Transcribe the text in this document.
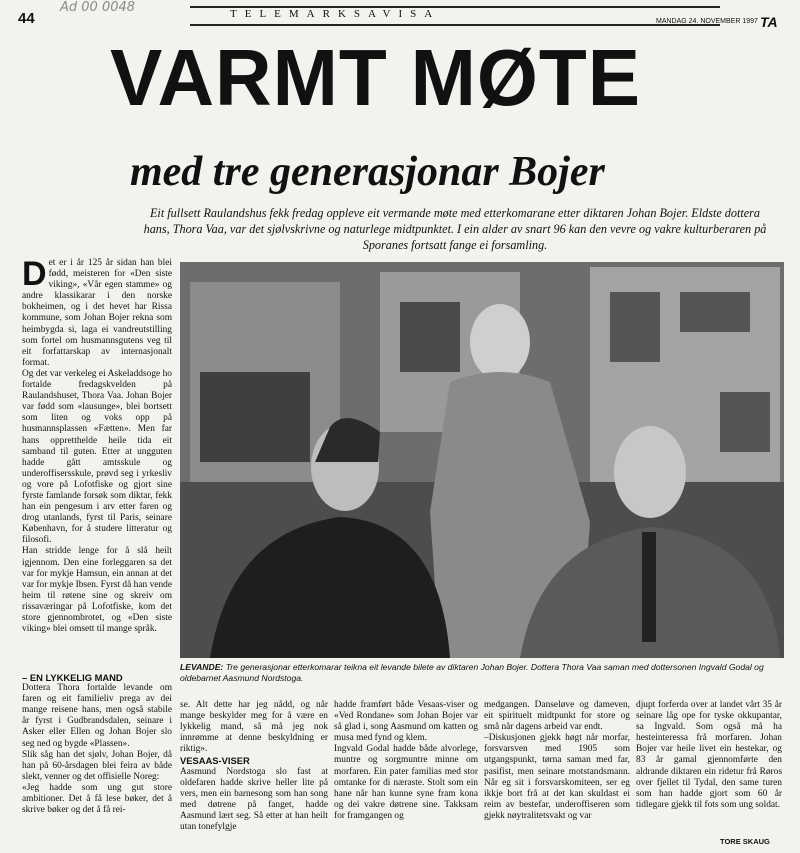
Ad 00 0048
44	TELEMARKSAVISA
MANDAG 24. NOVEMBER 1997 TA
VARMT MØTE
med tre generasjonar Bojer
Eit fullsett Raulandshus fekk fredag oppleve eit vermande møte med etterkomarane etter diktaren Johan Bojer. Eldste dottera hans, Thora Vaa, var det sjølvskrivne og naturlege midtpunktet. I ein alder av snart 96 kan den vevre og vakre kulturberaren på Sporanes fortsatt fange ei forsamling.

Det er i år 125 år sidan han blei fødd, meisteren for «Den siste viking», «Vår egen stamme» og andre klassikarar i den norske bokheimen, og i det hevet har Rissa kommune, som Johan Bojer rekna som heimbygda si, laga ei vandreutstilling som fortel om husmannsgutens veg til eit forfattarskap av internasjonalt format.

Og det var verkeleg ei Askeladdsoge ho fortalde fredagskvelden på Raulandshuset, Thora Vaa. Johan Bojer var fødd som «lausunge», blei bortsett som liten og voks opp på husmannsplassen «Fætten». Men far hans oppretthelde heile tida eit samband til guten. Etter at ungguten hadde gått amtsskule og underoffisersskule, prøvd seg i yrkesliv og vore på Lofotfiske og gjort sine fyrste famlande forsøk som diktar, fekk han ein pengesum i arv etter faren og drog utanlands, fyrst til Paris, seinare København, for å studere litteratur og filosofi.

Han stridde lenge for å slå heilt igjennom. Den eine forleggaren sa det var for mykje Hamsun, ein annan at det var for mykje Ibsen. Fyrst då han vende heim til røtene sine og skreiv om rissaværingar på Lofotfiske, kom det store gjennombrotet, og «Den siste viking» blei omsett til mange språk.

LEVANDE: Tre generasjonar etterkomarar teikna eit levande bilete av diktaren Johan Bojer. Dottera Thora Vaa saman med dottersonen Ingvald Godal og oldebarnet Aasmund Nordstoga.

– EN LYKKELIG MAND

Dottera Thora fortalde levande om faren og eit familieliv prega av dei mange reisene hans, men også stabile år fyrst i Gudbrandsdalen, seinare i Asker eller Ellen og Johan Bojer slo seg ned og bygde «Plassen».

Slik såg han det sjølv, Johan Bojer, då han på 60-årsdagen blei feira av både slekt, venner og det offisielle Noreg:

«Jeg hadde som ung gut store ambitioner. Det å få lese bøker, det å skrive bøker og det å få rei-

se. Alt dette har jeg nådd, og når mange beskylder meg for å være en lykkelig mand, så må jeg nok innrømme at denne beskyldning er riktig».

VESAAS-VISER

Aasmund Nordstoga slo fast at oldefaren hadde skrive heller lite på vers, men ein barnesong som han song med døtrene på fanget, hadde Aasmund lært seg. Så etter at han heilt utan tonefylgje

hadde framført både Vesaas-viser og «Ved Rondane» som Johan Bojer var så glad i, song Aasmund om katten og musa med fynd og klem.

Ingvald Godal hadde både alvorlege, muntre og sorgmuntre minne om morfaren. Ein pater familias med stor omtanke for di næraste. Stolt som ein hane når han kunne syne fram kona og dei vakre døtrene sine. Takksam for framgangen og

medgangen. Danseløve og dameven, eit spirituelt midtpunkt for store og små når dagens arbeid var endt.

–Diskusjonen gjekk høgt når morfar, forsvarsven med 1905 som utgangspunkt, tørna saman med far, pasifist, men seinare motstandsmann. Når eg sit i forsvarskomiteen, ser eg ikkje bort frå at det kan skuldast ei reim av bestefar, underoffiseren som gjekk nøytralitetsvakt og var

djupt forferda over at landet vårt 35 år seinare låg ope for tyske okkupantar, sa Ingvald. Som også må ha hesteinteressa frå morfaren. Johan Bojer var heile livet ein hestekar, og 83 år gamal gjennomførte den aldrande diktaren ein ridetur frå Røros over fjellet til Tydal, den same turen som han hadde gjort som 60 år tidlegare gjekk til fots som ung soldat.

TORE SKAUG
